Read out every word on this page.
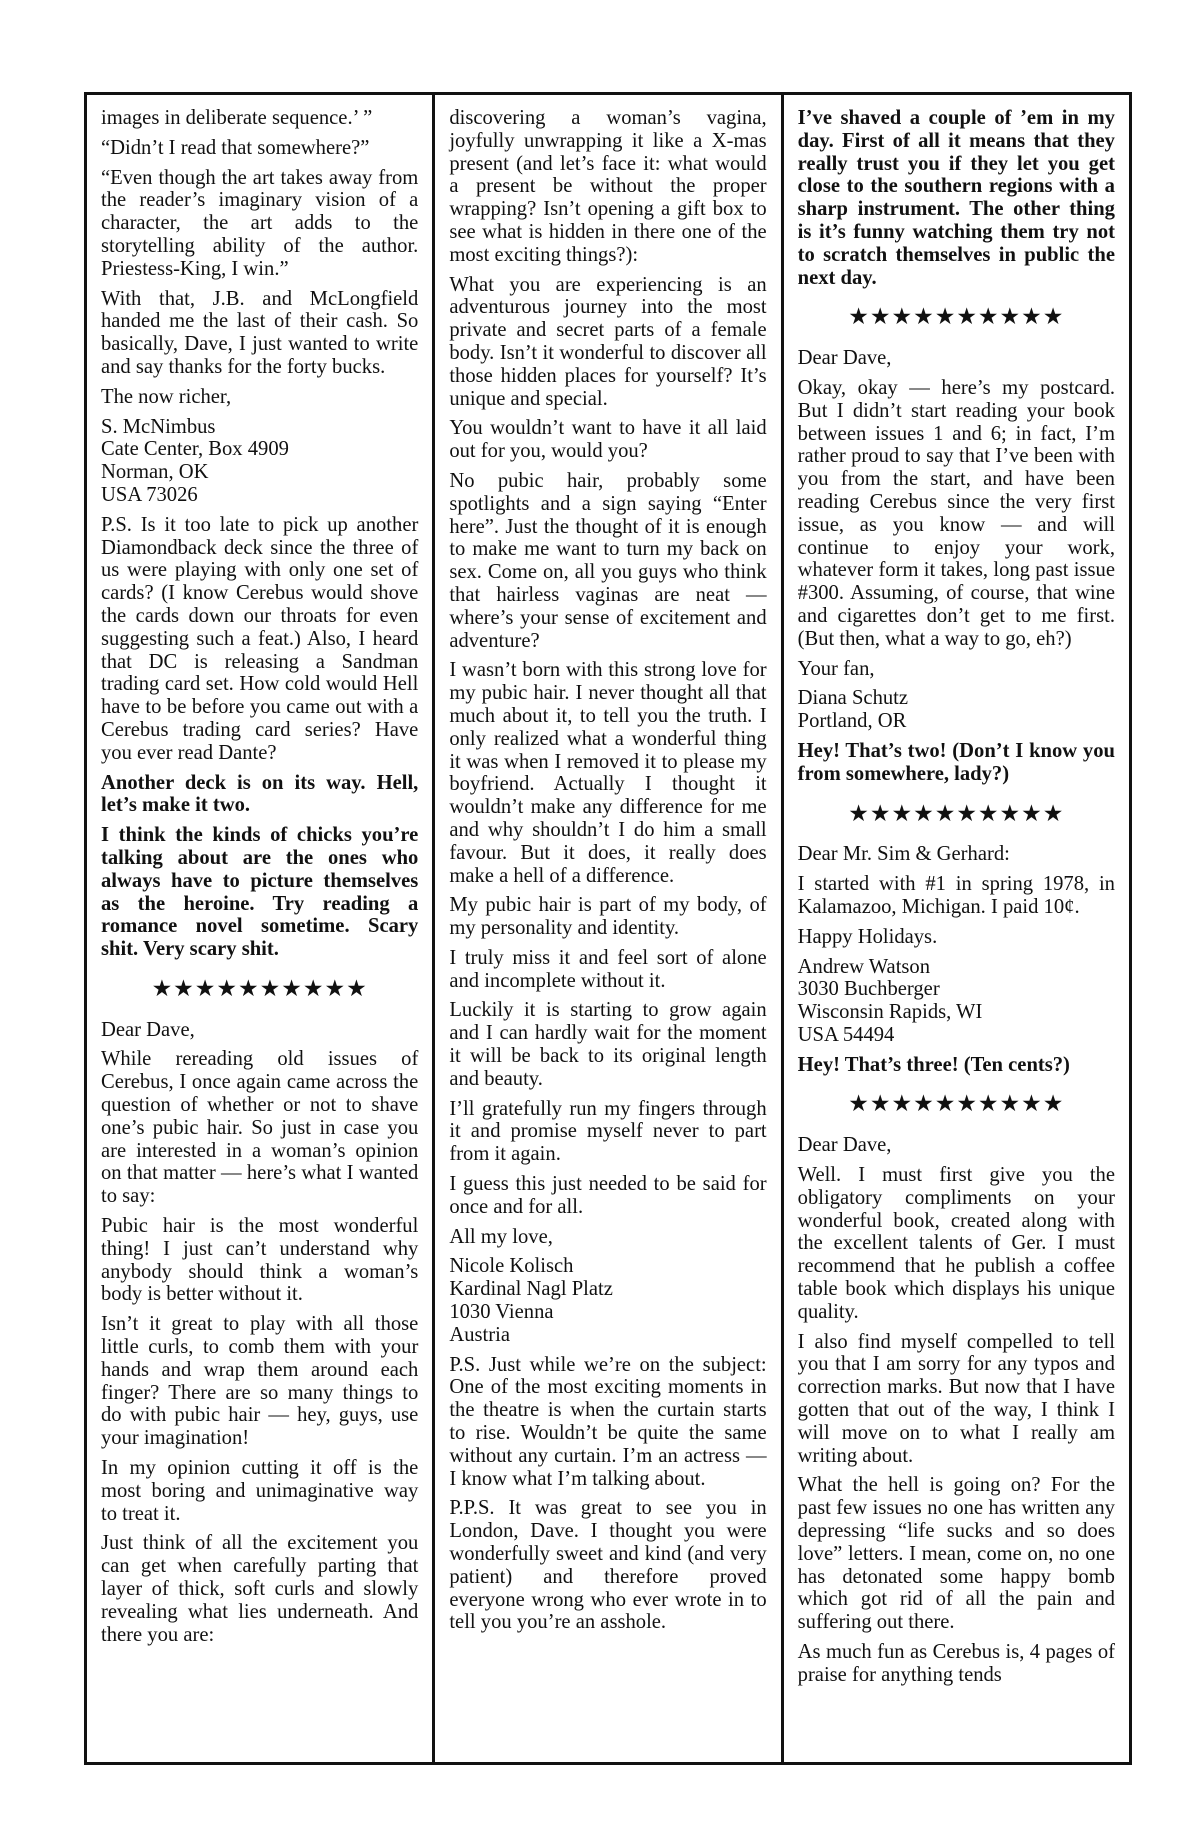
images in deliberate sequence.’ ”

“Didn’t I read that somewhere?”

“Even though the art takes away from the reader’s imaginary vision of a character, the art adds to the storytelling ability of the author. Priestess-King, I win.”

With that, J.B. and McLongfield handed me the last of their cash. So basically, Dave, I just wanted to write and say thanks for the forty bucks.

The now richer,

S. McNimbus
Cate Center, Box 4909
Norman, OK
USA 73026

P.S. Is it too late to pick up another Diamondback deck since the three of us were playing with only one set of cards? (I know Cerebus would shove the cards down our throats for even suggesting such a feat.) Also, I heard that DC is releasing a Sandman trading card set. How cold would Hell have to be before you came out with a Cerebus trading card series? Have you ever read Dante?

Another deck is on its way. Hell, let’s make it two.

I think the kinds of chicks you’re talking about are the ones who always have to picture themselves as the heroine. Try reading a romance novel sometime. Scary shit. Very scary shit.

★★★★★★★★★★

Dear Dave,

While rereading old issues of Cerebus, I once again came across the question of whether or not to shave one’s pubic hair. So just in case you are interested in a woman’s opinion on that matter — here’s what I wanted to say:

Pubic hair is the most wonderful thing! I just can’t understand why anybody should think a woman’s body is better without it.

Isn’t it great to play with all those little curls, to comb them with your hands and wrap them around each finger? There are so many things to do with pubic hair — hey, guys, use your imagination!

In my opinion cutting it off is the most boring and unimaginative way to treat it.

Just think of all the excitement you can get when carefully parting that layer of thick, soft curls and slowly revealing what lies underneath. And there you are:

discovering a woman’s vagina, joyfully unwrapping it like a X-mas present (and let’s face it: what would a present be without the proper wrapping? Isn’t opening a gift box to see what is hidden in there one of the most exciting things?):

What you are experiencing is an adventurous journey into the most private and secret parts of a female body. Isn’t it wonderful to discover all those hidden places for yourself? It’s unique and special.

You wouldn’t want to have it all laid out for you, would you?

No pubic hair, probably some spotlights and a sign saying “Enter here”. Just the thought of it is enough to make me want to turn my back on sex. Come on, all you guys who think that hairless vaginas are neat — where’s your sense of excitement and adventure?

I wasn’t born with this strong love for my pubic hair. I never thought all that much about it, to tell you the truth. I only realized what a wonderful thing it was when I removed it to please my boyfriend. Actually I thought it wouldn’t make any difference for me and why shouldn’t I do him a small favour. But it does, it really does make a hell of a difference.

My pubic hair is part of my body, of my personality and identity.

I truly miss it and feel sort of alone and incomplete without it.

Luckily it is starting to grow again and I can hardly wait for the moment it will be back to its original length and beauty.

I’ll gratefully run my fingers through it and promise myself never to part from it again.

I guess this just needed to be said for once and for all.

All my love,

Nicole Kolisch
Kardinal Nagl Platz
1030 Vienna
Austria

P.S. Just while we’re on the subject: One of the most exciting moments in the theatre is when the curtain starts to rise. Wouldn’t be quite the same without any curtain. I’m an actress — I know what I’m talking about.

P.P.S. It was great to see you in London, Dave. I thought you were wonderfully sweet and kind (and very patient) and therefore proved everyone wrong who ever wrote in to tell you you’re an asshole.

I’ve shaved a couple of ’em in my day. First of all it means that they really trust you if they let you get close to the southern regions with a sharp instrument. The other thing is it’s funny watching them try not to scratch themselves in public the next day.

★★★★★★★★★★

Dear Dave,

Okay, okay — here’s my postcard. But I didn’t start reading your book between issues 1 and 6; in fact, I’m rather proud to say that I’ve been with you from the start, and have been reading Cerebus since the very first issue, as you know — and will continue to enjoy your work, whatever form it takes, long past issue #300. Assuming, of course, that wine and cigarettes don’t get to me first. (But then, what a way to go, eh?)

Your fan,

Diana Schutz
Portland, OR

Hey! That’s two! (Don’t I know you from somewhere, lady?)

★★★★★★★★★★

Dear Mr. Sim & Gerhard:

I started with #1 in spring 1978, in Kalamazoo, Michigan. I paid 10¢.

Happy Holidays.

Andrew Watson
3030 Buchberger
Wisconsin Rapids, WI
USA 54494

Hey! That’s three! (Ten cents?)

★★★★★★★★★★

Dear Dave,

Well. I must first give you the obligatory compliments on your wonderful book, created along with the excellent talents of Ger. I must recommend that he publish a coffee table book which displays his unique quality.

I also find myself compelled to tell you that I am sorry for any typos and correction marks. But now that I have gotten that out of the way, I think I will move on to what I really am writing about.

What the hell is going on? For the past few issues no one has written any depressing “life sucks and so does love” letters. I mean, come on, no one has detonated some happy bomb which got rid of all the pain and suffering out there.

As much fun as Cerebus is, 4 pages of praise for anything tends
